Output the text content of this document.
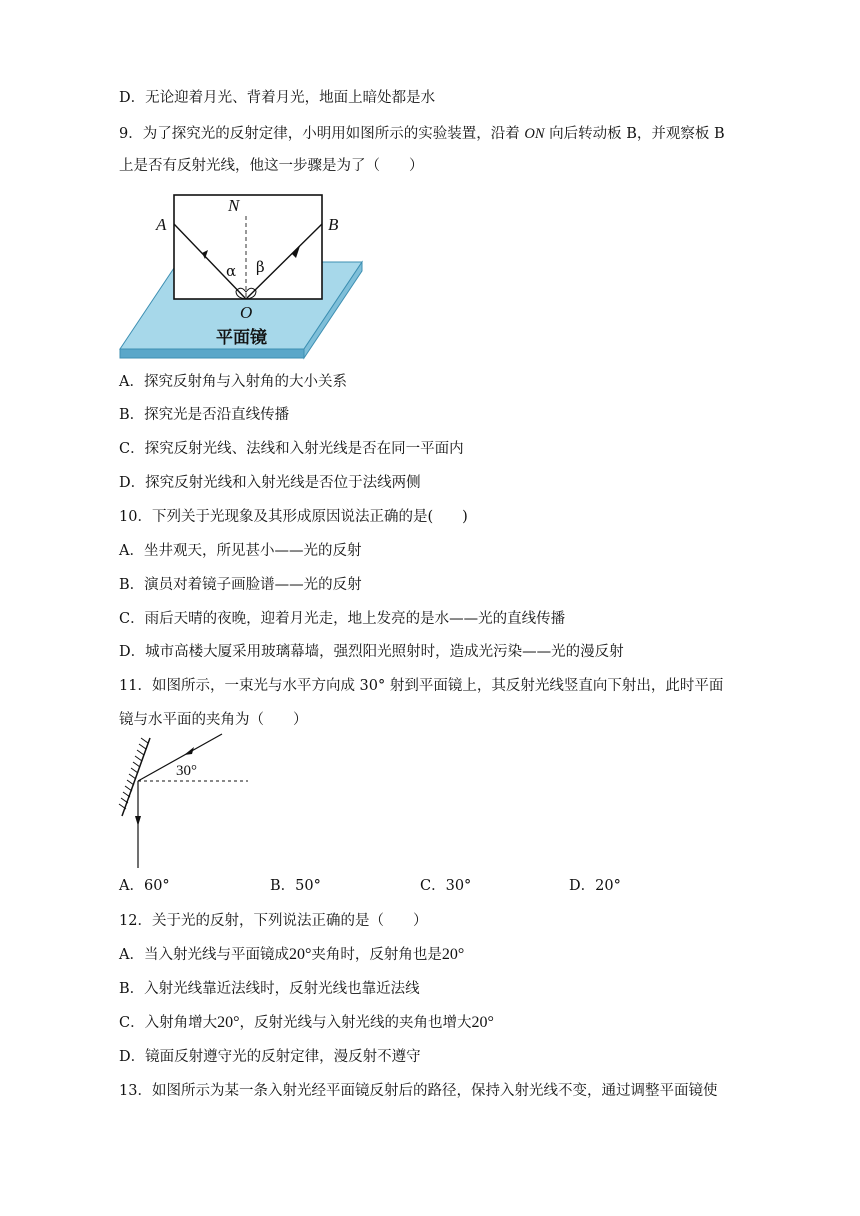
D．无论迎着月光、背着月光，地面上暗处都是水
9．为了探究光的反射定律，小明用如图所示的实验装置，沿着 ON 向后转动板 B，并观察板 B
上是否有反射光线，他这一步骤是为了（　　）
A
N
B
α β
O
平面镜
A．探究反射角与入射角的大小关系
B．探究光是否沿直线传播
C．探究反射光线、法线和入射光线是否在同一平面内
D．探究反射光线和入射光线是否位于法线两侧
10．下列关于光现象及其形成原因说法正确的是(　　)
A．坐井观天，所见甚小——光的反射
B．演员对着镜子画脸谱——光的反射
C．雨后天晴的夜晚，迎着月光走，地上发亮的是水——光的直线传播
D．城市高楼大厦采用玻璃幕墙，强烈阳光照射时，造成光污染——光的漫反射
11．如图所示，一束光与水平方向成 30° 射到平面镜上，其反射光线竖直向下射出，此时平面
镜与水平面的夹角为（　　）
30°
A．60°	B．50°	C．30°	D．20°
12．关于光的反射，下列说法正确的是（　　）
A．当入射光线与平面镜成20°夹角时，反射角也是20°
B．入射光线靠近法线时，反射光线也靠近法线
C．入射角增大20°，反射光线与入射光线的夹角也增大20°
D．镜面反射遵守光的反射定律，漫反射不遵守
13．如图所示为某一条入射光经平面镜反射后的路径，保持入射光线不变，通过调整平面镜使
